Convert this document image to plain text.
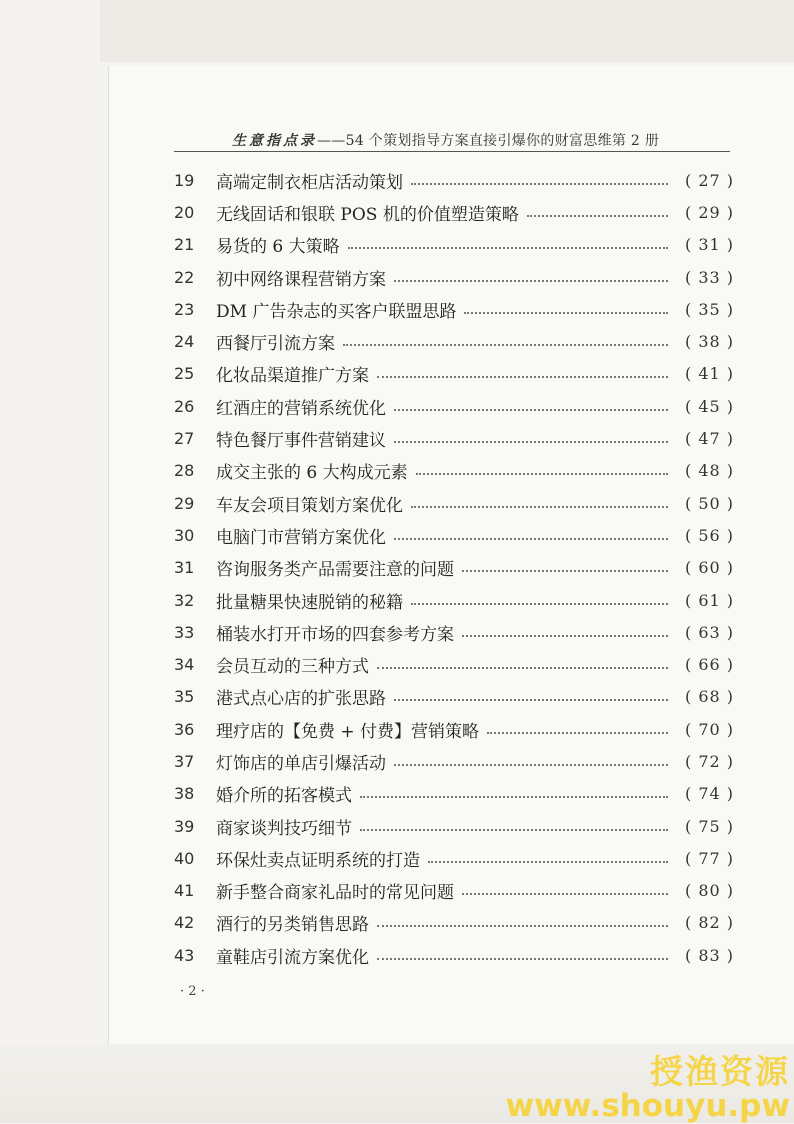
生意指点录——54 个策划指导方案直接引爆你的财富思维第 2 册
19	高端定制衣柜店活动策划	( 27 )
20	无线固话和银联 POS 机的价值塑造策略	( 29 )
21	易货的 6 大策略	( 31 )
22	初中网络课程营销方案	( 33 )
23	DM 广告杂志的买客户联盟思路	( 35 )
24	西餐厅引流方案	( 38 )
25	化妆品渠道推广方案	( 41 )
26	红酒庄的营销系统优化	( 45 )
27	特色餐厅事件营销建议	( 47 )
28	成交主张的 6 大构成元素	( 48 )
29	车友会项目策划方案优化	( 50 )
30	电脑门市营销方案优化	( 56 )
31	咨询服务类产品需要注意的问题	( 60 )
32	批量糖果快速脱销的秘籍	( 61 )
33	桶装水打开市场的四套参考方案	( 63 )
34	会员互动的三种方式	( 66 )
35	港式点心店的扩张思路	( 68 )
36	理疗店的【免费 + 付费】营销策略	( 70 )
37	灯饰店的单店引爆活动	( 72 )
38	婚介所的拓客模式	( 74 )
39	商家谈判技巧细节	( 75 )
40	环保灶卖点证明系统的打造	( 77 )
41	新手整合商家礼品时的常见问题	( 80 )
42	酒行的另类销售思路	( 82 )
43	童鞋店引流方案优化	( 83 )
· 2 ·
授渔资源
www.shouyu.pw
